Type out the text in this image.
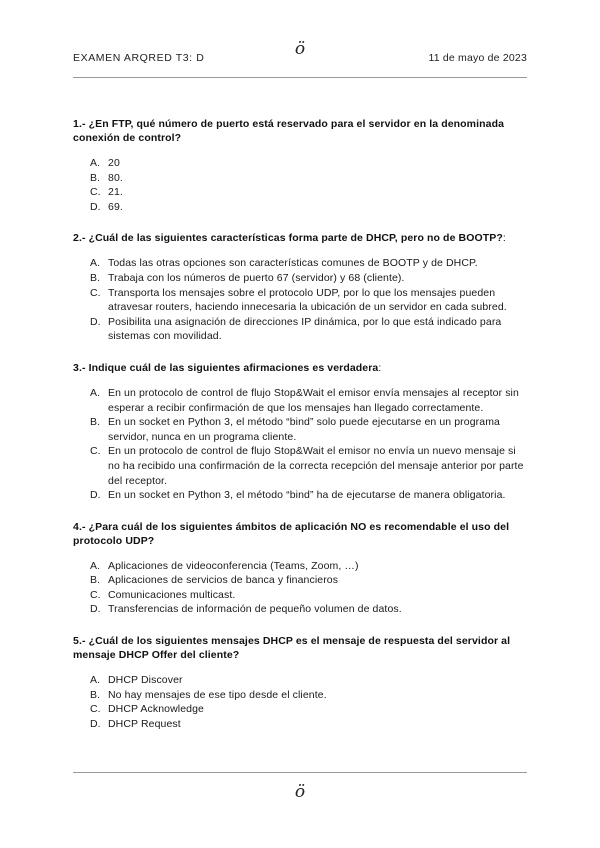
EXAMEN ARQRED T3: D	11 de mayo de 2023
ö

1.- ¿En FTP, qué número de puerto está reservado para el servidor en la denominada conexión de control?

A. 20
B. 80.
C. 21.
D. 69.

2.- ¿Cuál de las siguientes características forma parte de DHCP, pero no de BOOTP?:

A. Todas las otras opciones son características comunes de BOOTP y de DHCP.
B. Trabaja con los números de puerto 67 (servidor) y 68 (cliente).
C. Transporta los mensajes sobre el protocolo UDP, por lo que los mensajes pueden atravesar routers, haciendo innecesaria la ubicación de un servidor en cada subred.
D. Posibilita una asignación de direcciones IP dinámica, por lo que está indicado para sistemas con movilidad.

3.- Indique cuál de las siguientes afirmaciones es verdadera:

A. En un protocolo de control de flujo Stop&Wait el emisor envía mensajes al receptor sin esperar a recibir confirmación de que los mensajes han llegado correctamente.
B. En un socket en Python 3, el método “bind” solo puede ejecutarse en un programa servidor, nunca en un programa cliente.
C. En un protocolo de control de flujo Stop&Wait el emisor no envía un nuevo mensaje si no ha recibido una confirmación de la correcta recepción del mensaje anterior por parte del receptor.
D. En un socket en Python 3, el método “bind” ha de ejecutarse de manera obligatoria.

4.- ¿Para cuál de los siguientes ámbitos de aplicación NO es recomendable el uso del protocolo UDP?

A. Aplicaciones de videoconferencia (Teams, Zoom, …)
B. Aplicaciones de servicios de banca y financieros
C. Comunicaciones multicast.
D. Transferencias de información de pequeño volumen de datos.

5.- ¿Cuál de los siguientes mensajes DHCP es el mensaje de respuesta del servidor al mensaje DHCP Offer del cliente?

A. DHCP Discover
B. No hay mensajes de ese tipo desde el cliente.
C. DHCP Acknowledge
D. DHCP Request
ö
